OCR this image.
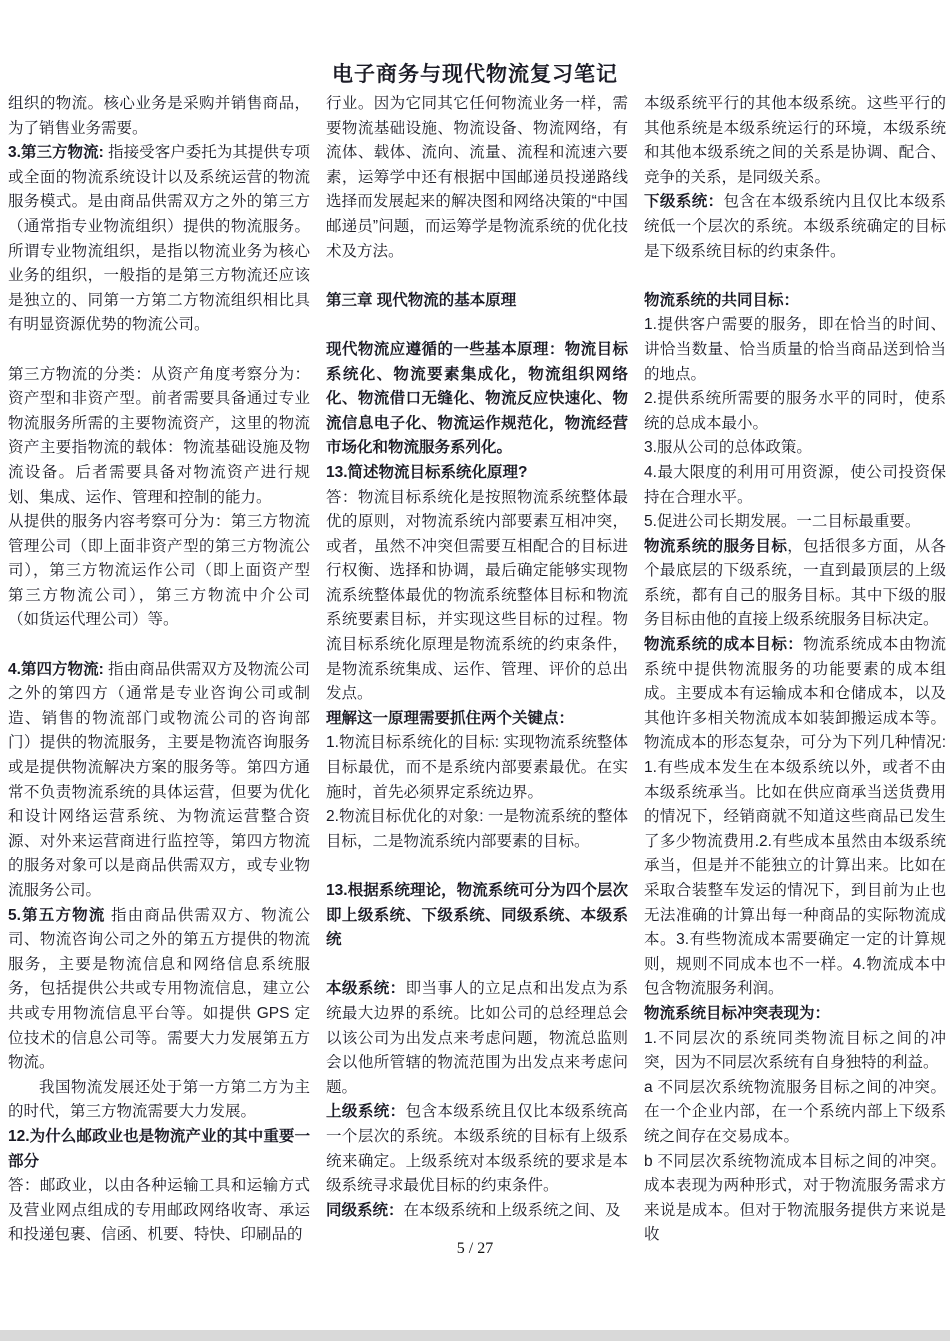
电子商务与现代物流复习笔记

组织的物流。核心业务是采购并销售商品，为了销售业务需要。

3.第三方物流: 指接受客户委托为其提供专项或全面的物流系统设计以及系统运营的物流服务模式。是由商品供需双方之外的第三方（通常指专业物流组织）提供的物流服务。所谓专业物流组织，是指以物流业务为核心业务的组织，一般指的是第三方物流还应该是独立的、同第一方第二方物流组织相比具有明显资源优势的物流公司。

第三方物流的分类：从资产角度考察分为：资产型和非资产型。前者需要具备通过专业物流服务所需的主要物流资产，这里的物流资产主要指物流的载体：物流基础设施及物流设备。后者需要具备对物流资产进行规划、集成、运作、管理和控制的能力。

从提供的服务内容考察可分为：第三方物流管理公司（即上面非资产型的第三方物流公司），第三方物流运作公司（即上面资产型第三方物流公司），第三方物流中介公司（如货运代理公司）等。

4.第四方物流: 指由商品供需双方及物流公司之外的第四方（通常是专业咨询公司或制造、销售的物流部门或物流公司的咨询部门）提供的物流服务，主要是物流咨询服务或是提供物流解决方案的服务等。第四方通常不负责物流系统的具体运营，但要为优化和设计网络运营系统、为物流运营整合资源、对外来运营商进行监控等，第四方物流的服务对象可以是商品供需双方，或专业物流服务公司。

5.第五方物流 指由商品供需双方、物流公司、物流咨询公司之外的第五方提供的物流服务，主要是物流信息和网络信息系统服务，包括提供公共或专用物流信息，建立公共或专用物流信息平台等。如提供 GPS 定位技术的信息公司等。需要大力发展第五方物流。

我国物流发展还处于第一方第二方为主的时代，第三方物流需要大力发展。

12.为什么邮政业也是物流产业的其中重要一部分

答：邮政业，以由各种运输工具和运输方式及营业网点组成的专用邮政网络收寄、承运和投递包裹、信函、机要、特快、印刷品的

行业。因为它同其它任何物流业务一样，需要物流基础设施、物流设备、物流网络，有流体、载体、流向、流量、流程和流速六要素，运筹学中还有根据中国邮递员投递路线选择而发展起来的解决图和网络决策的“中国邮递员”问题，而运筹学是物流系统的优化技术及方法。

第三章 现代物流的基本原理

现代物流应遵循的一些基本原理：物流目标系统化、物流要素集成化，物流组织网络化、物流借口无缝化、物流反应快速化、物流信息电子化、物流运作规范化，物流经营市场化和物流服务系列化。

13.简述物流目标系统化原理?

答：物流目标系统化是按照物流系统整体最优的原则，对物流系统内部要素互相冲突，或者，虽然不冲突但需要互相配合的目标进行权衡、选择和协调，最后确定能够实现物流系统整体最优的物流系统整体目标和物流系统要素目标，并实现这些目标的过程。物流目标系统化原理是物流系统的约束条件，是物流系统集成、运作、管理、评价的总出发点。

理解这一原理需要抓住两个关键点：

1.物流目标系统化的目标: 实现物流系统整体目标最优，而不是系统内部要素最优。在实施时，首先必须界定系统边界。

2.物流目标优化的对象: 一是物流系统的整体目标，二是物流系统内部要素的目标。

13.根据系统理论，物流系统可分为四个层次即上级系统、下级系统、同级系统、本级系统

本级系统：即当事人的立足点和出发点为系统最大边界的系统。比如公司的总经理总会以该公司为出发点来考虑问题，物流总监则会以他所管辖的物流范围为出发点来考虑问题。

上级系统：包含本级系统且仅比本级系统高一个层次的系统。本级系统的目标有上级系统来确定。上级系统对本级系统的要求是本级系统寻求最优目标的约束条件。

同级系统：在本级系统和上级系统之间、及

本级系统平行的其他本级系统。这些平行的其他系统是本级系统运行的环境，本级系统和其他本级系统之间的关系是协调、配合、竞争的关系，是同级关系。

下级系统：包含在本级系统内且仅比本级系统低一个层次的系统。本级系统确定的目标是下级系统目标的约束条件。

物流系统的共同目标：

1.提供客户需要的服务，即在恰当的时间、讲恰当数量、恰当质量的恰当商品送到恰当的地点。

2.提供系统所需要的服务水平的同时，使系统的总成本最小。

3.服从公司的总体政策。

4.最大限度的利用可用资源，使公司投资保持在合理水平。

5.促进公司长期发展。一二目标最重要。

物流系统的服务目标，包括很多方面，从各个最底层的下级系统，一直到最顶层的上级系统，都有自己的服务目标。其中下级的服务目标由他的直接上级系统服务目标决定。

物流系统的成本目标：物流系统成本由物流系统中提供物流服务的功能要素的成本组成。主要成本有运输成本和仓储成本，以及其他许多相关物流成本如装卸搬运成本等。物流成本的形态复杂，可分为下列几种情况: 1.有些成本发生在本级系统以外，或者不由本级系统承当。比如在供应商承当送货费用的情况下，经销商就不知道这些商品已发生了多少物流费用.2.有些成本虽然由本级系统承当，但是并不能独立的计算出来。比如在采取合装整车发运的情况下，到目前为止也无法准确的计算出每一种商品的实际物流成本。3.有些物流成本需要确定一定的计算规则，规则不同成本也不一样。4.物流成本中包含物流服务利润。

物流系统目标冲突表现为：

1.不同层次的系统同类物流目标之间的冲突，因为不同层次系统有自身独特的利益。

a 不同层次系统物流服务目标之间的冲突。在一个企业内部，在一个系统内部上下级系统之间存在交易成本。

b 不同层次系统物流成本目标之间的冲突。成本表现为两种形式，对于物流服务需求方来说是成本。但对于物流服务提供方来说是收

5 / 27
